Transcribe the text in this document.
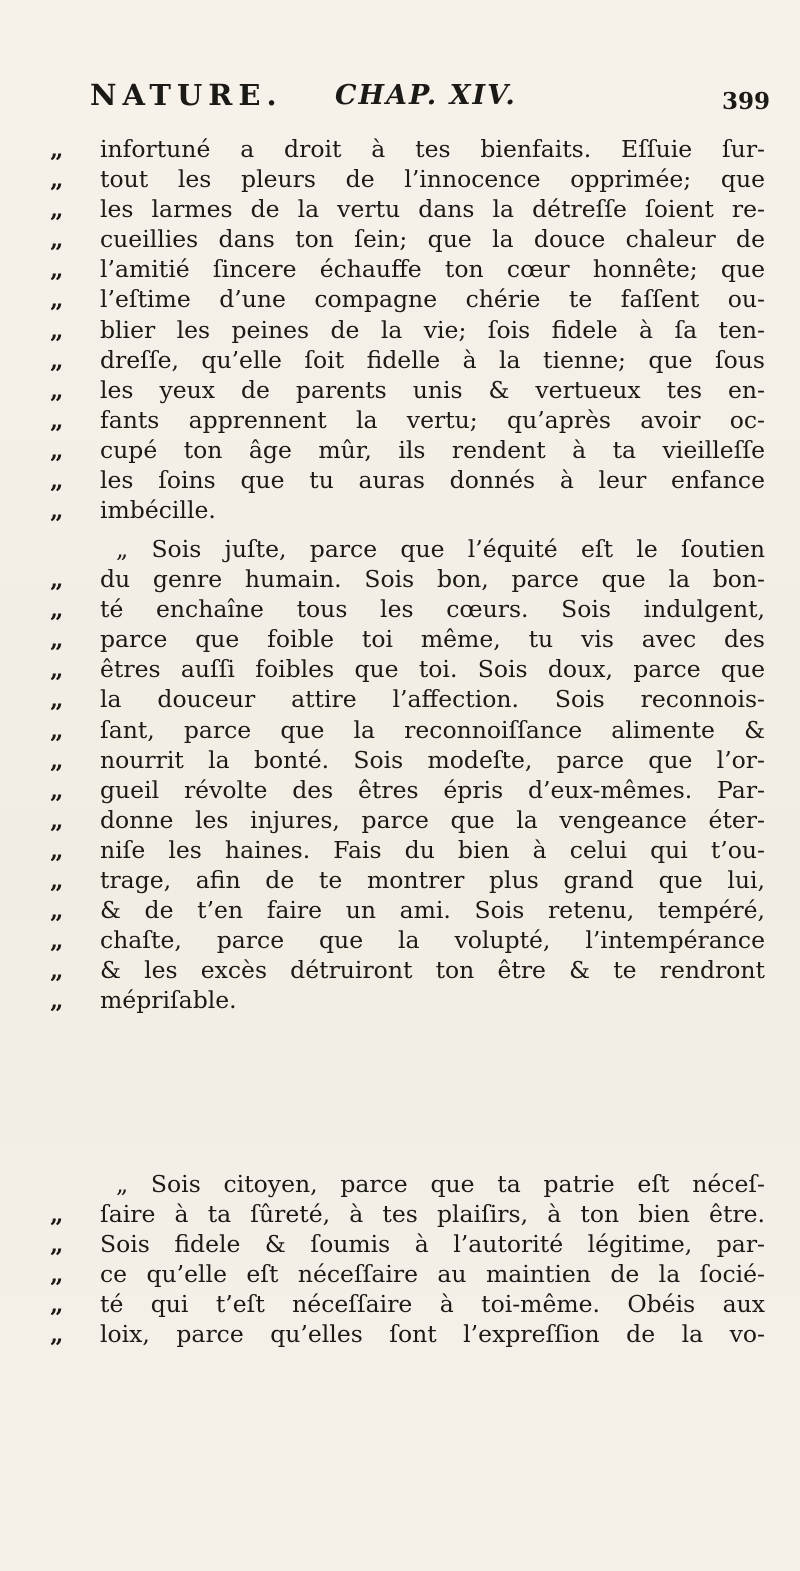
NATURE. CHAP. XIV.	399
„	infortuné a droit à tes bienfaits. Eſſuie ſur-
„	tout les pleurs de l’innocence opprimée; que
„	les larmes de la vertu dans la détreſſe ſoient re-
„	cueillies dans ton ſein; que la douce chaleur de
„	l’amitié ſincere échauffe ton cœur honnête; que
„	l’eſtime d’une compagne chérie te faſſent ou-
„	blier les peines de la vie; ſois fidele à ſa ten-
„	dreſſe, qu’elle ſoit fidelle à la tienne; que ſous
„	les yeux de parents unis & vertueux tes en-
„	fants apprennent la vertu; qu’après avoir oc-
„	cupé ton âge mûr, ils rendent à ta vieilleſſe
„	les ſoins que tu auras donnés à leur enfance
„	imbécille.
„ Sois juſte, parce que l’équité eſt le ſoutien
„	du genre humain. Sois bon, parce que la bon-
„	té enchaîne tous les cœurs. Sois indulgent,
„	parce que foible toi même, tu vis avec des
„	êtres auſſi foibles que toi. Sois doux, parce que
„	la douceur attire l’affection. Sois reconnois-
„	ſant, parce que la reconnoiſſance alimente &
„	nourrit la bonté. Sois modeſte, parce que l’or-
„	gueil révolte des êtres épris d’eux-mêmes. Par-
„	donne les injures, parce que la vengeance éter-
„	niſe les haines. Fais du bien à celui qui t’ou-
„	trage, afin de te montrer plus grand que lui,
„	& de t’en faire un ami. Sois retenu, tempéré,
„	chaſte, parce que la volupté, l’intempérance
„	& les excès détruiront ton être & te rendront
„	mépriſable.
„ Sois citoyen, parce que ta patrie eſt néceſ-
„	ſaire à ta ſûreté, à tes plaiſirs, à ton bien être.
„	Sois fidele & ſoumis à l’autorité légitime, par-
„	ce qu’elle eſt néceſſaire au maintien de la ſocié-
„	té qui t’eſt néceſſaire à toi-même. Obéis aux
„	loix, parce qu’elles ſont l’expreſſion de la vo-
